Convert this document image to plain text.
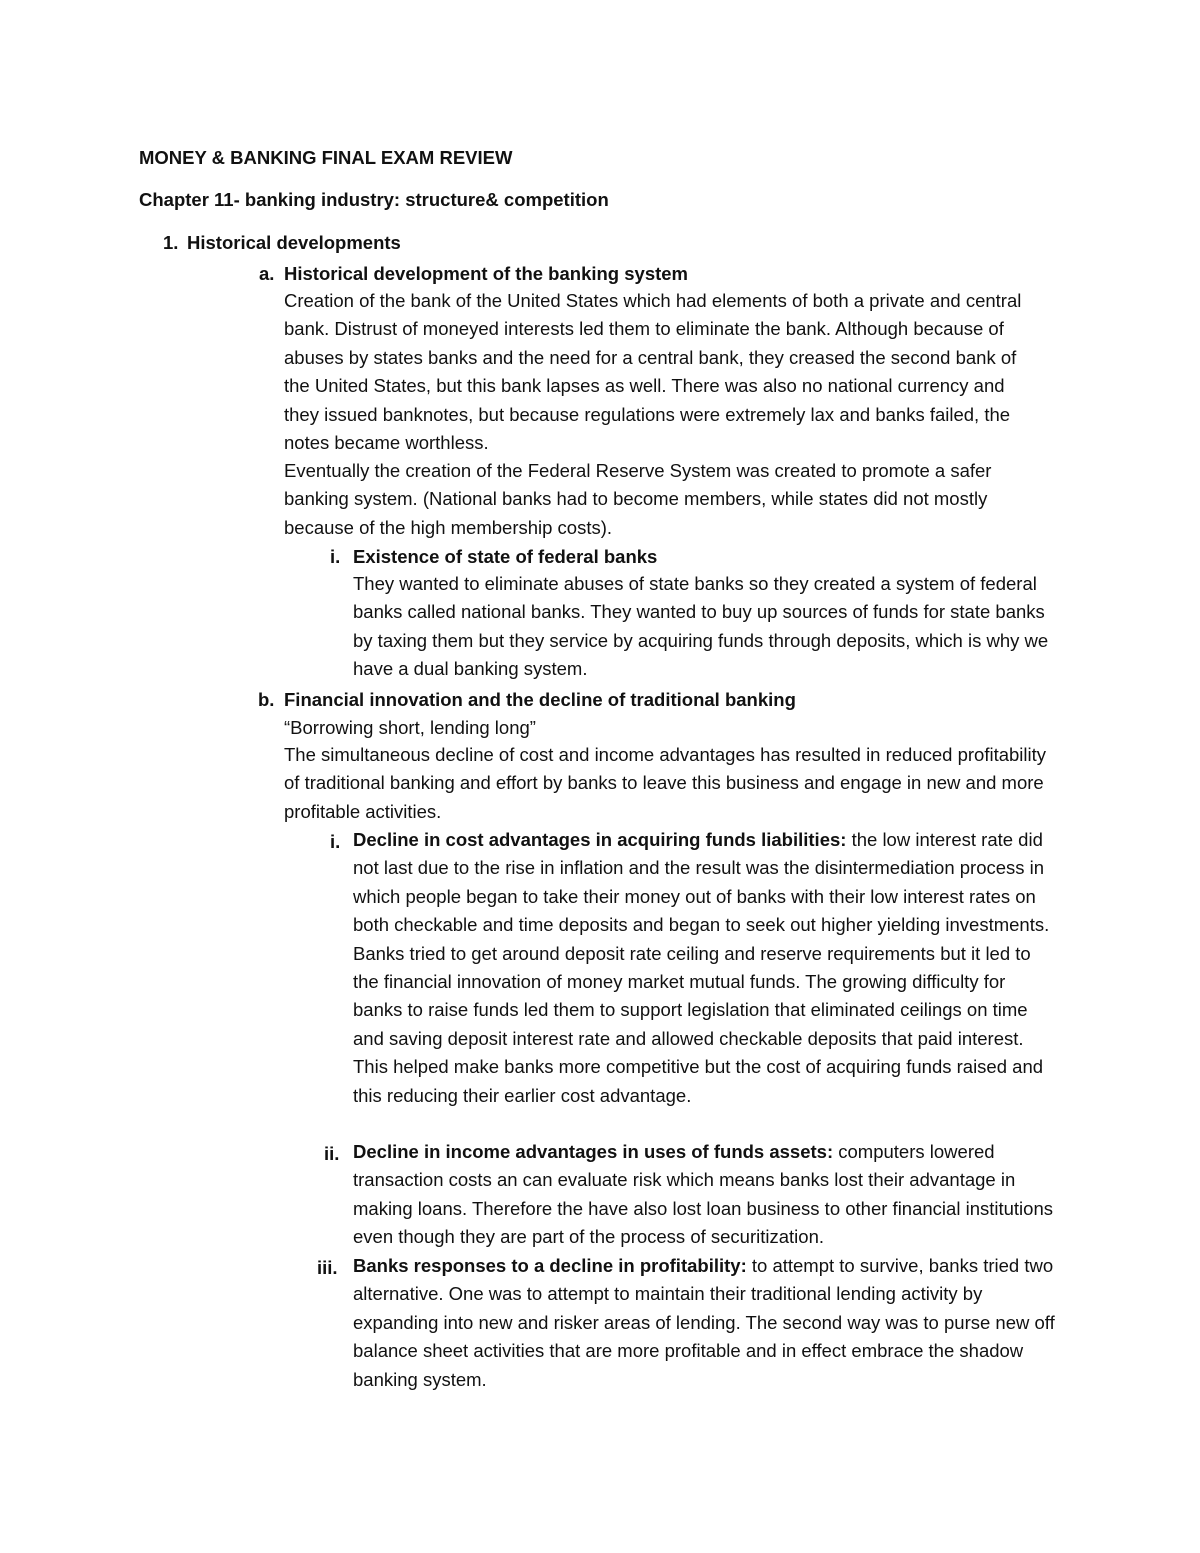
MONEY & BANKING FINAL EXAM REVIEW
Chapter 11- banking industry: structure& competition
1. Historical developments
a. Historical development of the banking system
Creation of the bank of the United States which had elements of both a private and central bank. Distrust of moneyed interests led them to eliminate the bank. Although because of abuses by states banks and the need for a central bank, they creased the second bank of the United States, but this bank lapses as well. There was also no national currency and they issued banknotes, but because regulations were extremely lax and banks failed, the notes became worthless.
Eventually the creation of the Federal Reserve System was created to promote a safer banking system. (National banks had to become members, while states did not mostly because of the high membership costs).
i. Existence of state of federal banks
They wanted to eliminate abuses of state banks so they created a system of federal banks called national banks. They wanted to buy up sources of funds for state banks by taxing them but they service by acquiring funds through deposits, which is why we have a dual banking system.
b. Financial innovation and the decline of traditional banking
“Borrowing short, lending long”
The simultaneous decline of cost and income advantages has resulted in reduced profitability of traditional banking and effort by banks to leave this business and engage in new and more profitable activities.
i. Decline in cost advantages in acquiring funds liabilities: the low interest rate did not last due to the rise in inflation and the result was the disintermediation process in which people began to take their money out of banks with their low interest rates on both checkable and time deposits and began to seek out higher yielding investments. Banks tried to get around deposit rate ceiling and reserve requirements but it led to the financial innovation of money market mutual funds. The growing difficulty for banks to raise funds led them to support legislation that eliminated ceilings on time and saving deposit interest rate and allowed checkable deposits that paid interest. This helped make banks more competitive but the cost of acquiring funds raised and this reducing their earlier cost advantage.
ii. Decline in income advantages in uses of funds assets: computers lowered transaction costs an can evaluate risk which means banks lost their advantage in making loans. Therefore the have also lost loan business to other financial institutions even though they are part of the process of securitization.
iii. Banks responses to a decline in profitability: to attempt to survive, banks tried two alternative. One was to attempt to maintain their traditional lending activity by expanding into new and risker areas of lending. The second way was to purse new off balance sheet activities that are more profitable and in effect embrace the shadow banking system.
